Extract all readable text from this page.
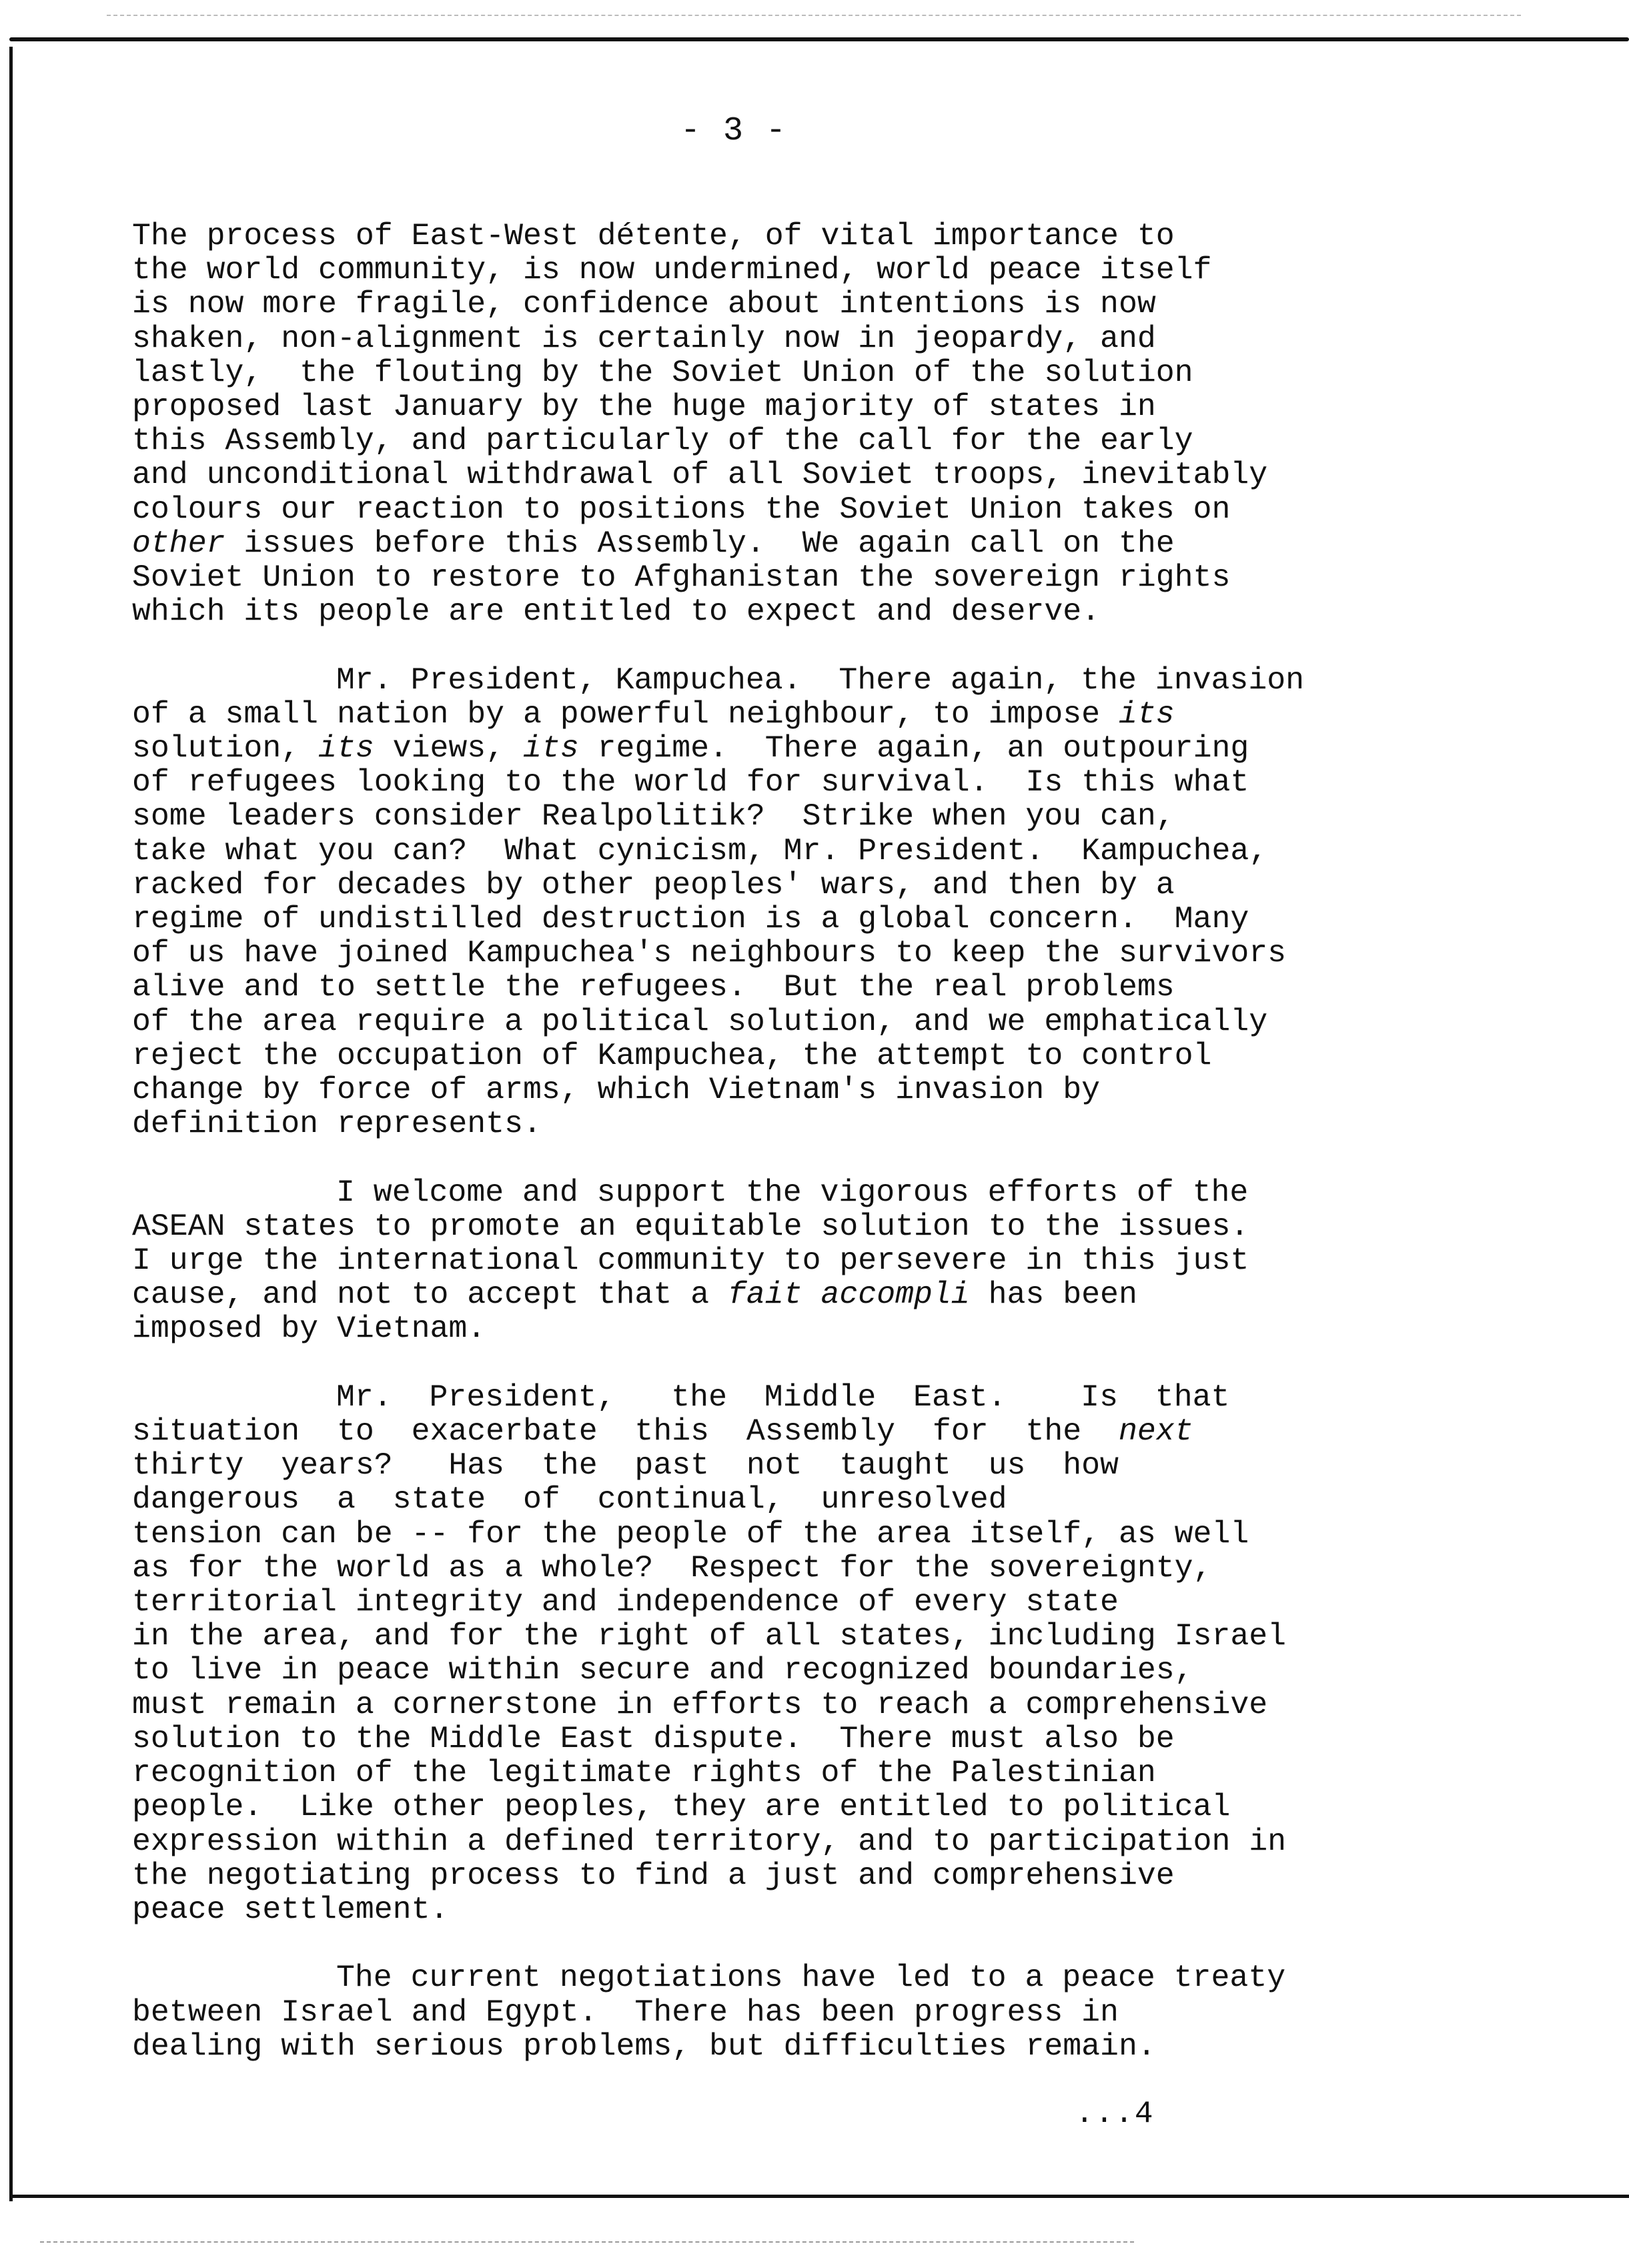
- 3 -
The process of East-West détente, of vital importance to
the world community, is now undermined, world peace itself
is now more fragile, confidence about intentions is now
shaken, non-alignment is certainly now in jeopardy, and
lastly,  the flouting by the Soviet Union of the solution
proposed last January by the huge majority of states in
this Assembly, and particularly of the call for the early
and unconditional withdrawal of all Soviet troops, inevitably
colours our reaction to positions the Soviet Union takes on
other issues before this Assembly.  We again call on the
Soviet Union to restore to Afghanistan the sovereign rights
which its people are entitled to expect and deserve.
Mr. President, Kampuchea.  There again, the invasion
of a small nation by a powerful neighbour, to impose its
solution, its views, its regime.  There again, an outpouring
of refugees looking to the world for survival.  Is this what
some leaders consider Realpolitik?  Strike when you can,
take what you can?  What cynicism, Mr. President.  Kampuchea,
racked for decades by other peoples' wars, and then by a
regime of undistilled destruction is a global concern.  Many
of us have joined Kampuchea's neighbours to keep the survivors
alive and to settle the refugees.  But the real problems
of the area require a political solution, and we emphatically
reject the occupation of Kampuchea, the attempt to control
change by force of arms, which Vietnam's invasion by
definition represents.
I welcome and support the vigorous efforts of the
ASEAN states to promote an equitable solution to the issues.
I urge the international community to persevere in this just
cause, and not to accept that a fait accompli has been
imposed by Vietnam.
Mr.  President,   the  Middle  East.    Is  that
situation  to  exacerbate  this  Assembly  for  the  next
thirty  years?   Has  the  past  not  taught  us  how
dangerous  a  state  of  continual,  unresolved
tension can be -- for the people of the area itself, as well
as for the world as a whole?  Respect for the sovereignty,
territorial integrity and independence of every state
in the area, and for the right of all states, including Israel
to live in peace within secure and recognized boundaries,
must remain a cornerstone in efforts to reach a comprehensive
solution to the Middle East dispute.  There must also be
recognition of the legitimate rights of the Palestinian
people.  Like other peoples, they are entitled to political
expression within a defined territory, and to participation in
the negotiating process to find a just and comprehensive
peace settlement.
The current negotiations have led to a peace treaty
between Israel and Egypt.  There has been progress in
dealing with serious problems, but difficulties remain.
...4
